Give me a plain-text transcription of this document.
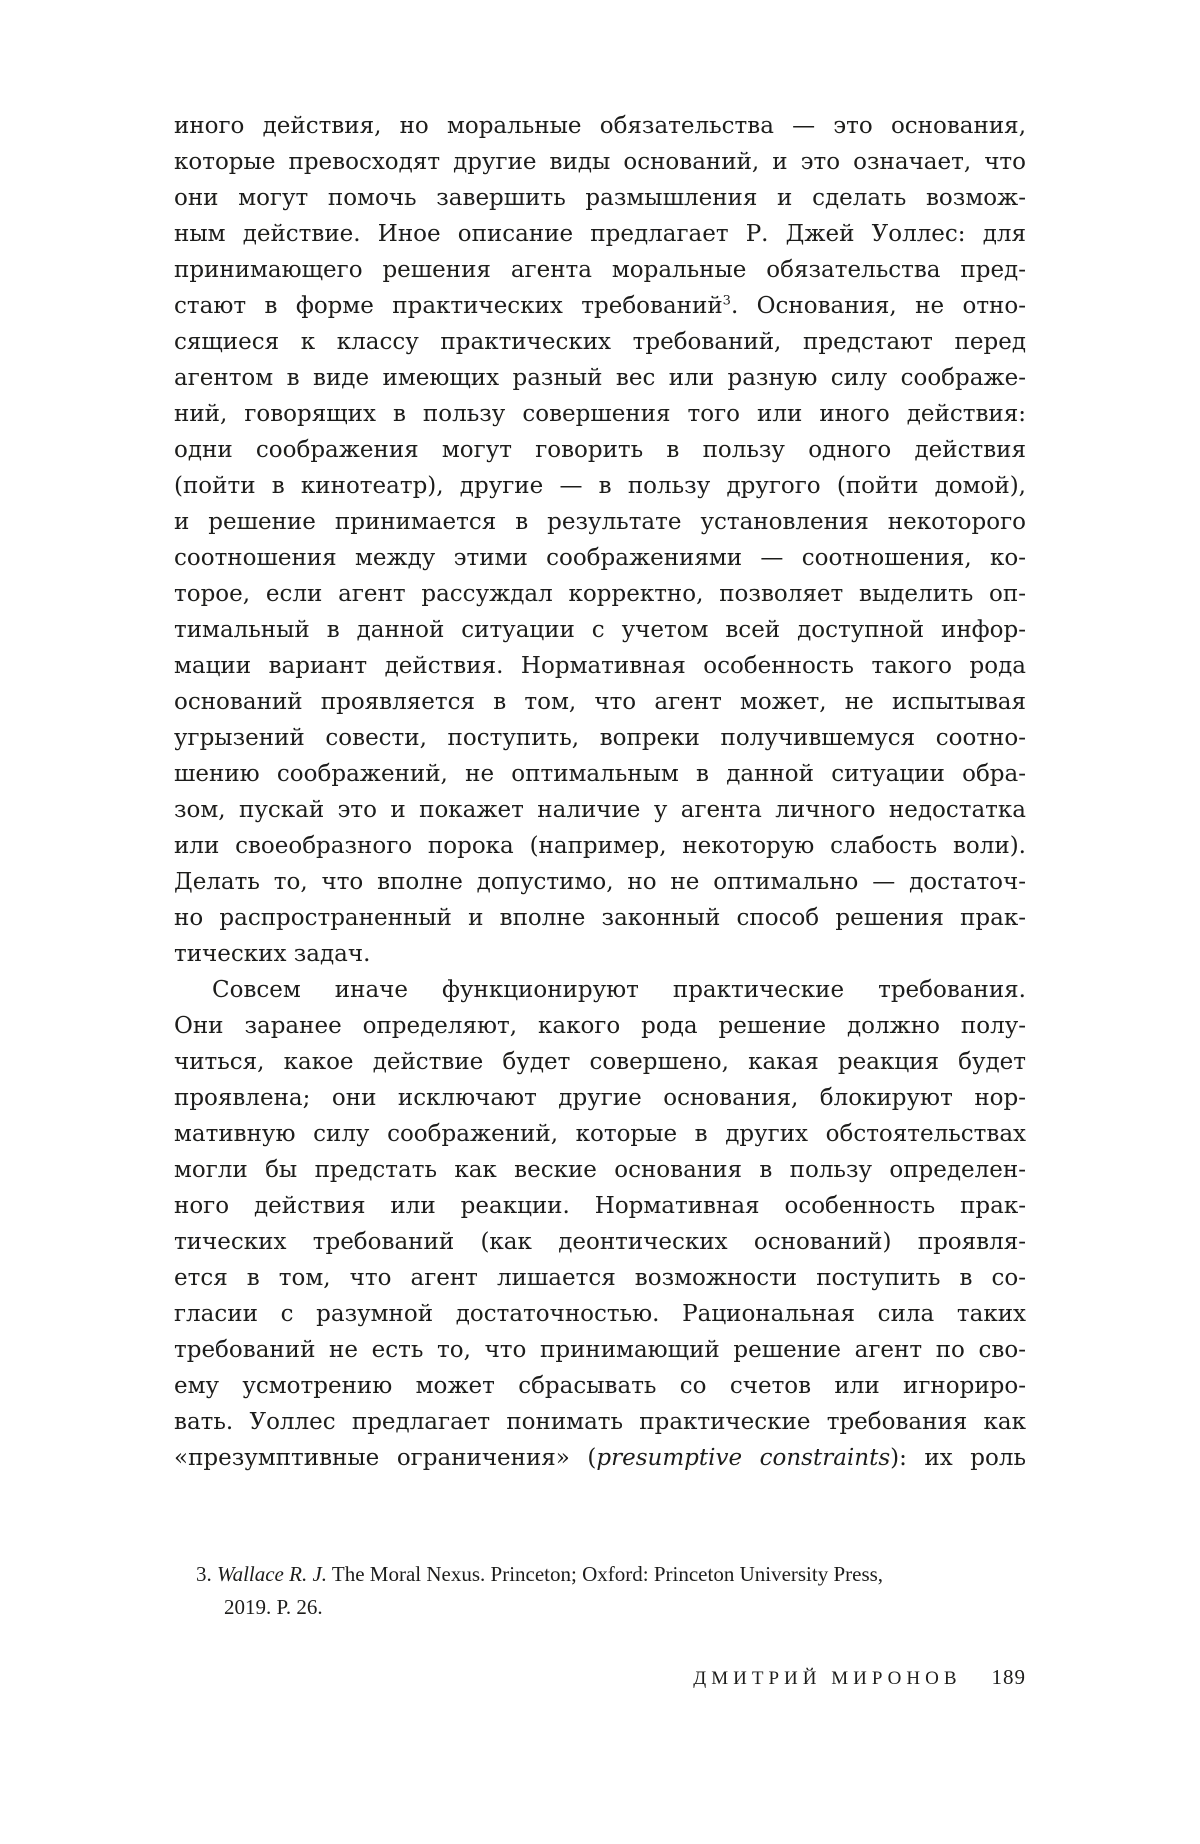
иного действия, но моральные обязательства — это основания,
которые превосходят другие виды оснований, и это означает, что
они могут помочь завершить размышления и сделать возмож-
ным действие. Иное описание предлагает Р. Джей Уоллес: для
принимающего решения агента моральные обязательства пред-
стают в форме практических требований$^3$. Основания, не отно-
сящиеся к классу практических требований, предстают перед
агентом в виде имеющих разный вес или разную силу соображе-
ний, говорящих в пользу совершения того или иного действия:
одни соображения могут говорить в пользу одного действия
(пойти в кинотеатр), другие — в пользу другого (пойти домой),
и решение принимается в результате установления некоторого
соотношения между этими соображениями — соотношения, ко-
торое, если агент рассуждал корректно, позволяет выделить оп-
тимальный в данной ситуации с учетом всей доступной инфор-
мации вариант действия. Нормативная особенность такого рода
оснований проявляется в том, что агент может, не испытывая
угрызений совести, поступить, вопреки получившемуся соотно-
шению соображений, не оптимальным в данной ситуации обра-
зом, пускай это и покажет наличие у агента личного недостатка
или своеобразного порока (например, некоторую слабость воли).
Делать то, что вполне допустимо, но не оптимально — достаточ-
но распространенный и вполне законный способ решения прак-
тических задач.
Совсем иначе функционируют практические требования.
Они заранее определяют, какого рода решение должно полу-
читься, какое действие будет совершено, какая реакция будет
проявлена; они исключают другие основания, блокируют нор-
мативную силу соображений, которые в других обстоятельствах
могли бы предстать как веские основания в пользу определен-
ного действия или реакции. Нормативная особенность прак-
тических требований (как деонтических оснований) проявля-
ется в том, что агент лишается возможности поступить в со-
гласии с разумной достаточностью. Рациональная сила таких
требований не есть то, что принимающий решение агент по сво-
ему усмотрению может сбрасывать со счетов или игнориро-
вать. Уоллес предлагает понимать практические требования как
«презумптивные ограничения» (presumptive constraints): их роль
3. Wallace R. J. The Moral Nexus. Princeton; Oxford: Princeton University Press,
2019. P. 26.
ДМИТРИЙ МИРОНОВ 189
